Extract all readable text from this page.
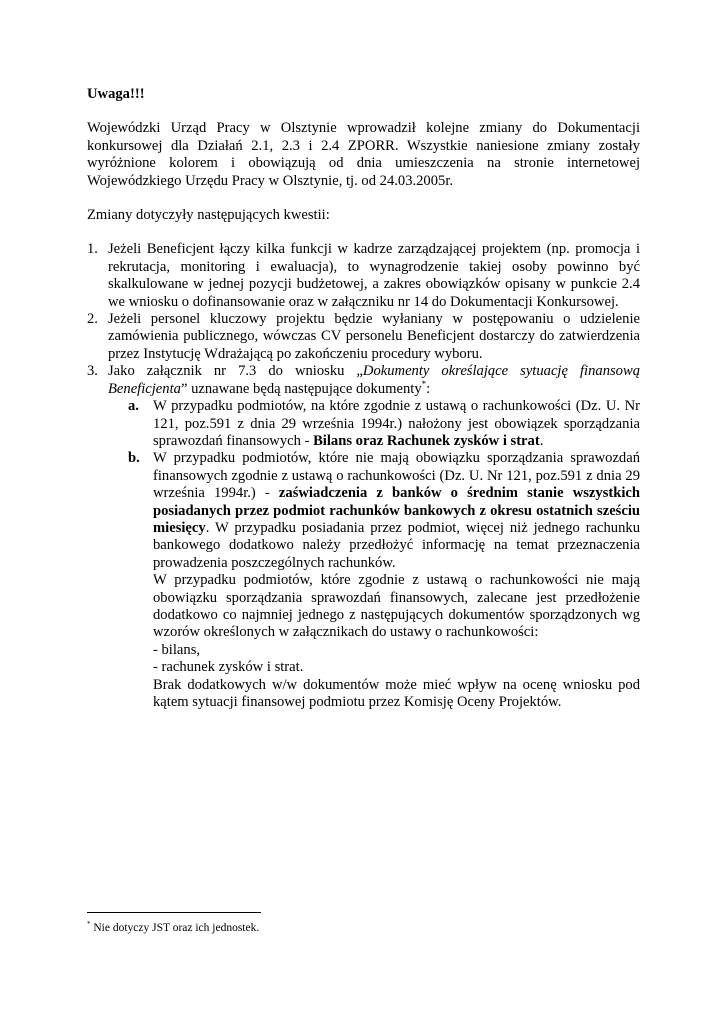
Uwaga!!!

Wojewódzki Urząd Pracy w Olsztynie wprowadził kolejne zmiany do Dokumentacji konkursowej dla Działań 2.1, 2.3 i 2.4 ZPORR. Wszystkie naniesione zmiany zostały wyróżnione kolorem i obowiązują od dnia umieszczenia na stronie internetowej Wojewódzkiego Urzędu Pracy w Olsztynie, tj. od 24.03.2005r.

Zmiany dotyczyły następujących kwestii:

1. Jeżeli Beneficjent łączy kilka funkcji w kadrze zarządzającej projektem (np. promocja i rekrutacja, monitoring i ewaluacja), to wynagrodzenie takiej osoby powinno być skalkulowane w jednej pozycji budżetowej, a zakres obowiązków opisany w punkcie 2.4 we wniosku o dofinansowanie oraz w załączniku nr 14 do Dokumentacji Konkursowej.
2. Jeżeli personel kluczowy projektu będzie wyłaniany w postępowaniu o udzielenie zamówienia publicznego, wówczas CV personelu Beneficjent dostarczy do zatwierdzenia przez Instytucję Wdrażającą po zakończeniu procedury wyboru.
3. Jako załącznik nr 7.3 do wniosku „Dokumenty określające sytuację finansową Beneficjenta” uznawane będą następujące dokumenty*:
a. W przypadku podmiotów, na które zgodnie z ustawą o rachunkowości (Dz. U. Nr 121, poz.591 z dnia 29 września 1994r.) nałożony jest obowiązek sporządzania sprawozdań finansowych - Bilans oraz Rachunek zysków i strat.
b. W przypadku podmiotów, które nie mają obowiązku sporządzania sprawozdań finansowych zgodnie z ustawą o rachunkowości (Dz. U. Nr 121, poz.591 z dnia 29 września 1994r.) - zaświadczenia z banków o średnim stanie wszystkich posiadanych przez podmiot rachunków bankowych z okresu ostatnich sześciu miesięcy. W przypadku posiadania przez podmiot, więcej niż jednego rachunku bankowego dodatkowo należy przedłożyć informację na temat przeznaczenia prowadzenia poszczególnych rachunków.

W przypadku podmiotów, które zgodnie z ustawą o rachunkowości nie mają obowiązku sporządzania sprawozdań finansowych, zalecane jest przedłożenie dodatkowo co najmniej jednego z następujących dokumentów sporządzonych wg wzorów określonych w załącznikach do ustawy o rachunkowości:

- bilans,

- rachunek zysków i strat.

Brak dodatkowych w/w dokumentów może mieć wpływ na ocenę wniosku pod kątem sytuacji finansowej podmiotu przez Komisję Oceny Projektów.

* Nie dotyczy JST oraz ich jednostek.
